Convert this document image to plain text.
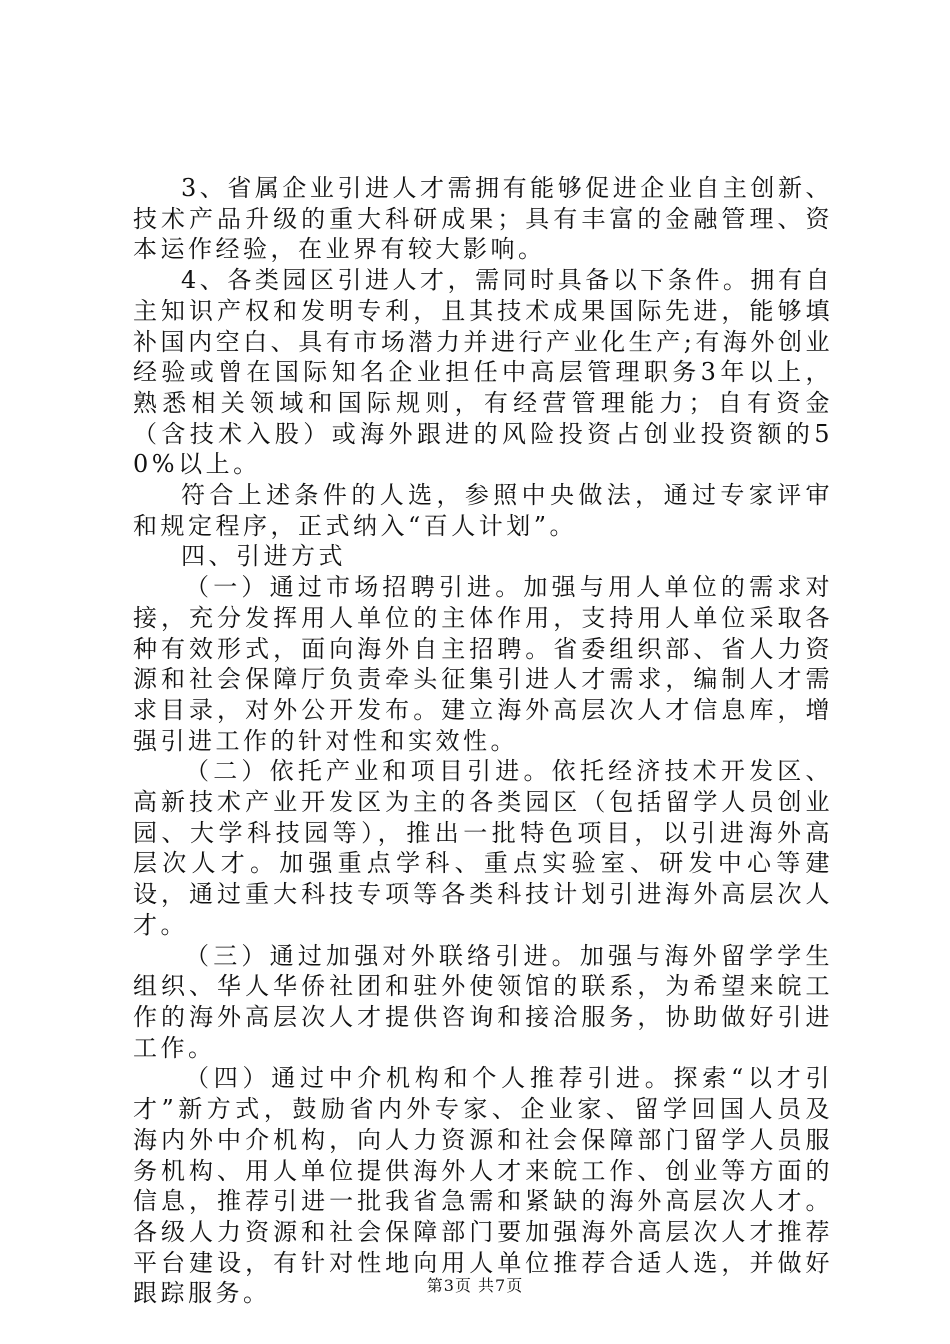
3、省属企业引进人才需拥有能够促进企业自主创新、技术产品升级的重大科研成果；具有丰富的金融管理、资本运作经验，在业界有较大影响。

4、各类园区引进人才，需同时具备以下条件。拥有自主知识产权和发明专利，且其技术成果国际先进，能够填补国内空白、具有市场潜力并进行产业化生产;有海外创业经验或曾在国际知名企业担任中高层管理职务3年以上，熟悉相关领域和国际规则，有经营管理能力；自有资金（含技术入股）或海外跟进的风险投资占创业投资额的50%以上。

符合上述条件的人选，参照中央做法，通过专家评审和规定程序，正式纳入“百人计划”。

四、引进方式

（一）通过市场招聘引进。加强与用人单位的需求对接，充分发挥用人单位的主体作用，支持用人单位采取各种有效形式，面向海外自主招聘。省委组织部、省人力资源和社会保障厅负责牵头征集引进人才需求，编制人才需求目录，对外公开发布。建立海外高层次人才信息库，增强引进工作的针对性和实效性。

（二）依托产业和项目引进。依托经济技术开发区、高新技术产业开发区为主的各类园区（包括留学人员创业园、大学科技园等），推出一批特色项目，以引进海外高层次人才。加强重点学科、重点实验室、研发中心等建设，通过重大科技专项等各类科技计划引进海外高层次人才。

（三）通过加强对外联络引进。加强与海外留学学生组织、华人华侨社团和驻外使领馆的联系，为希望来皖工作的海外高层次人才提供咨询和接洽服务，协助做好引进工作。

（四）通过中介机构和个人推荐引进。探索“以才引才”新方式，鼓励省内外专家、企业家、留学回国人员及海内外中介机构，向人力资源和社会保障部门留学人员服务机构、用人单位提供海外人才来皖工作、创业等方面的信息，推荐引进一批我省急需和紧缺的海外高层次人才。各级人力资源和社会保障部门要加强海外高层次人才推荐平台建设，有针对性地向用人单位推荐合适人选，并做好跟踪服务。	第3页 共7页
